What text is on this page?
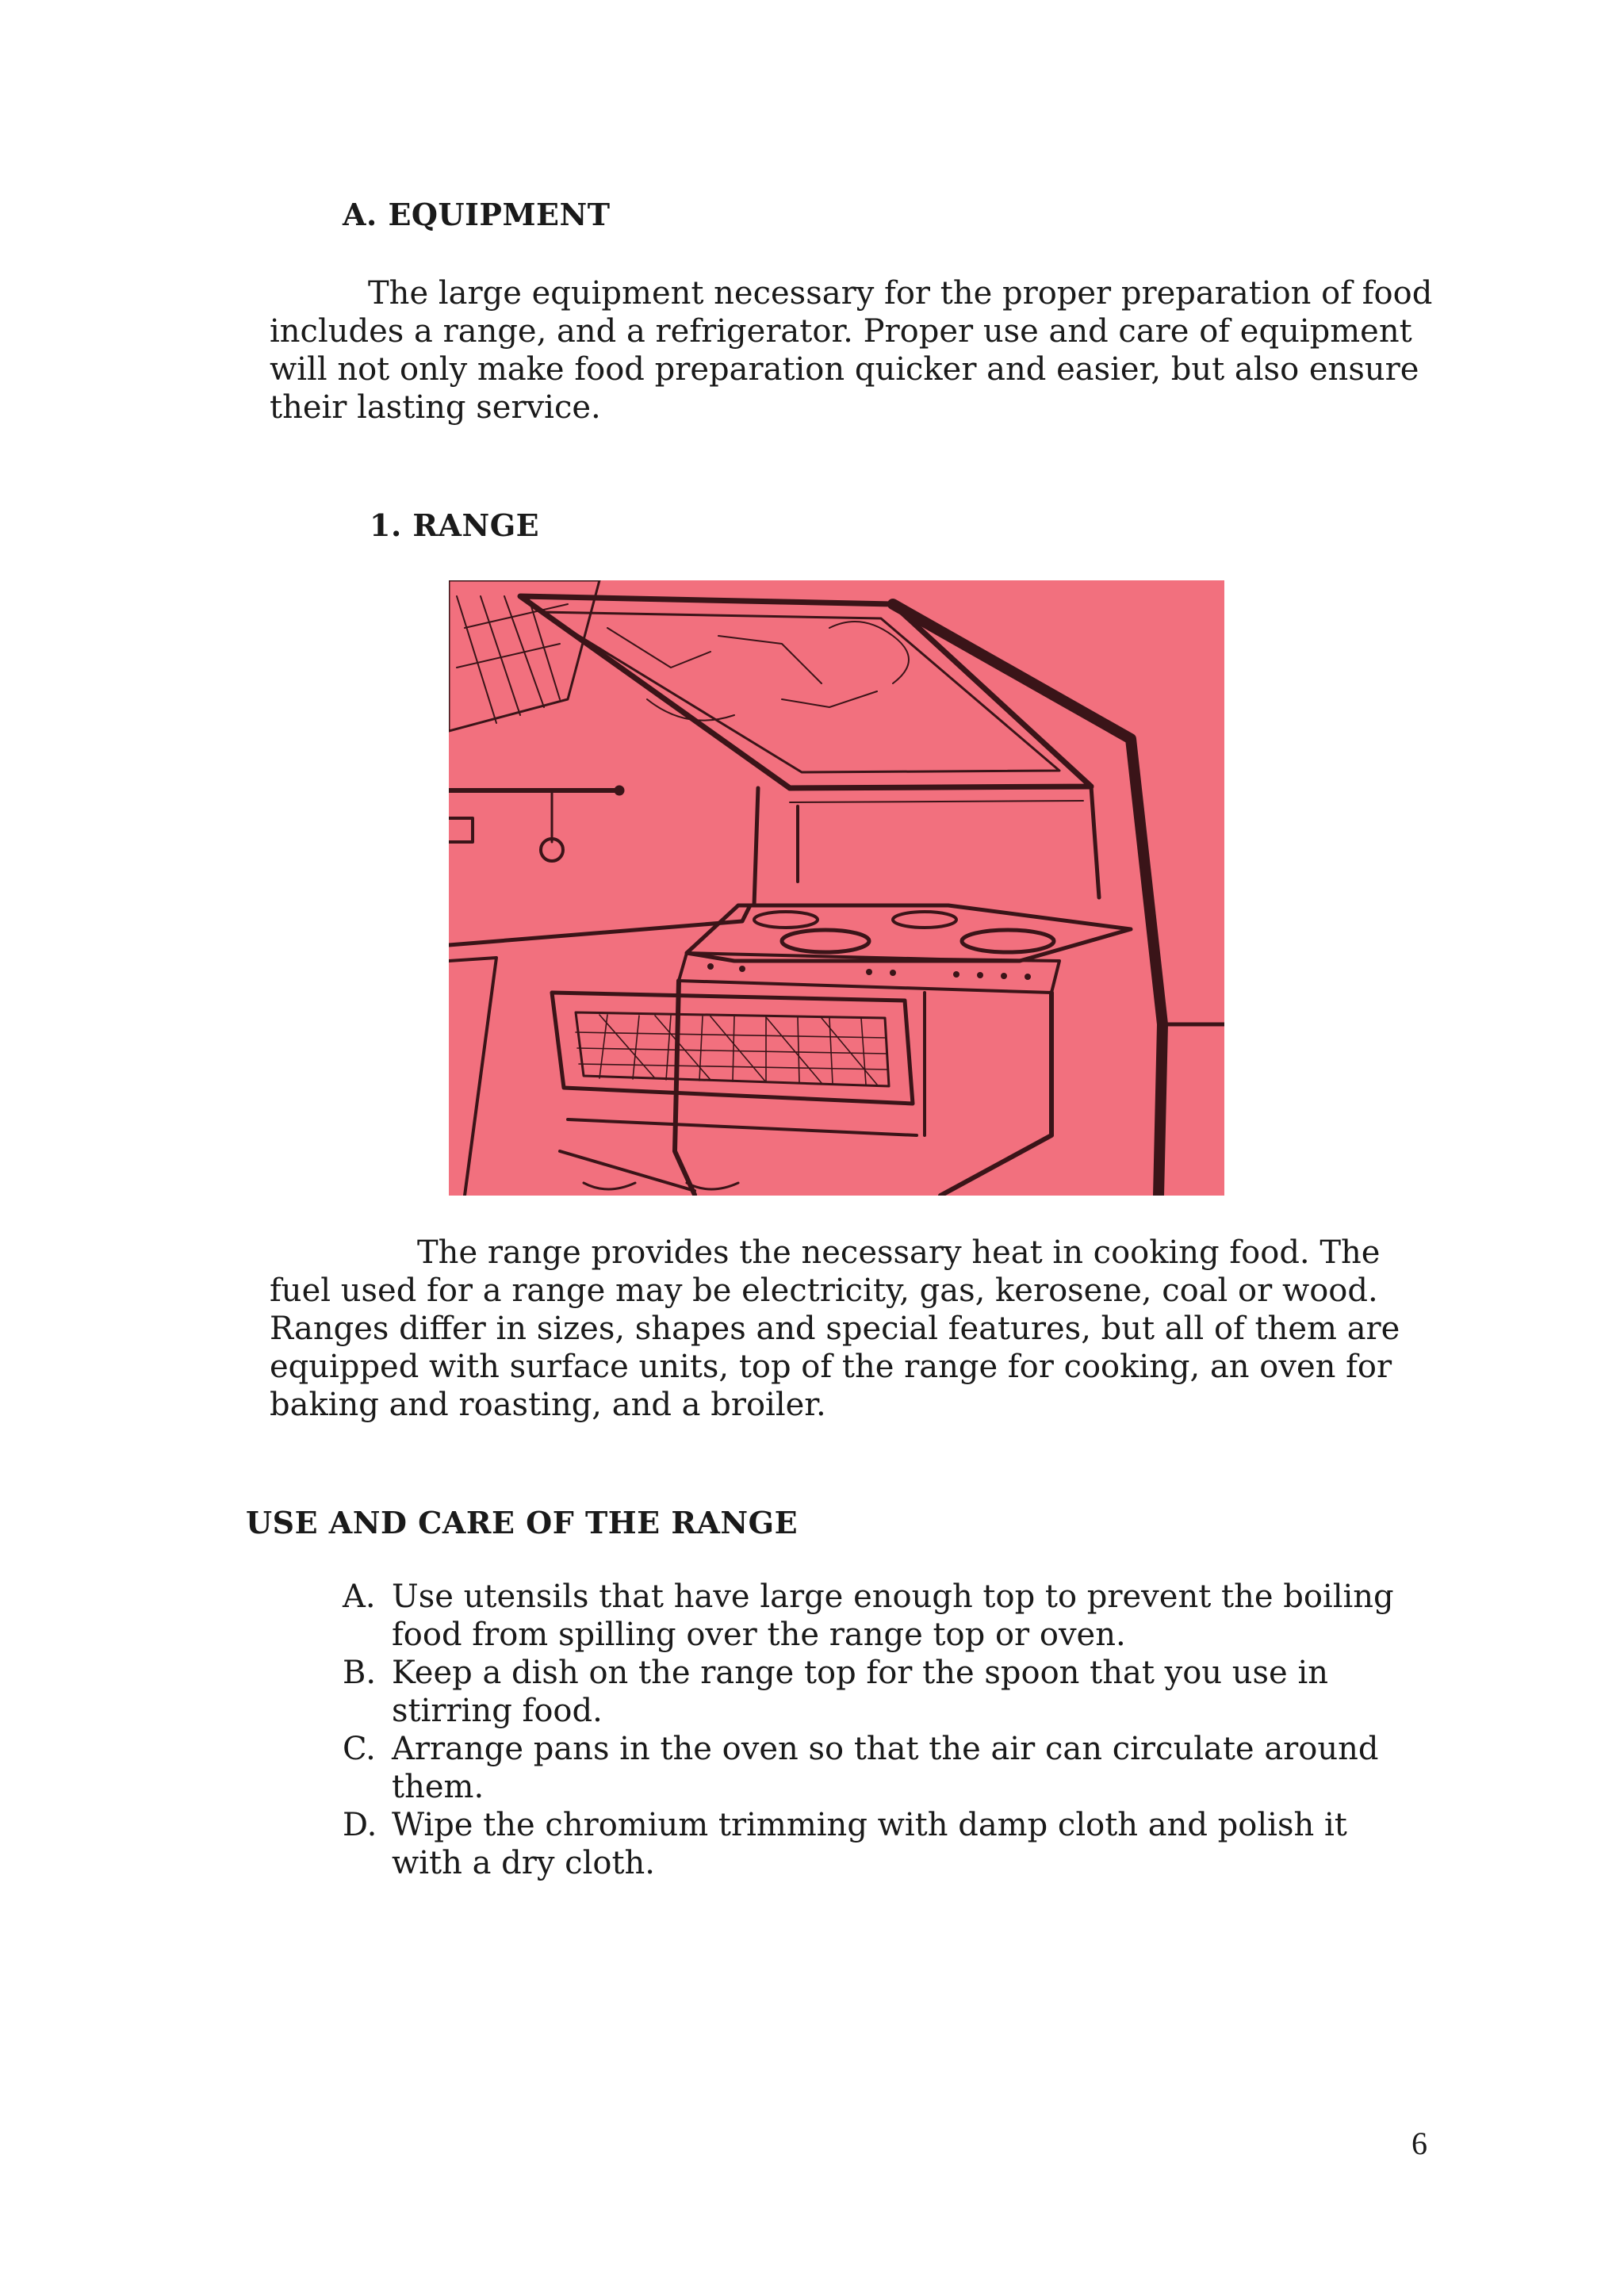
A. EQUIPMENT
The large equipment necessary for the proper preparation of food
includes a range, and a refrigerator. Proper use and care of equipment
will not only make food preparation quicker and easier, but also ensure
their lasting service.
1. RANGE
The range provides the necessary heat in cooking food. The
fuel used for a range may be electricity, gas, kerosene, coal or wood.
Ranges differ in sizes, shapes and special features, but all of them are
equipped with surface units, top of the range for cooking, an oven for
baking and roasting, and a broiler.
USE AND CARE OF THE RANGE
A. Use utensils that have large enough top to prevent the boiling
food from spilling over the range top or oven.
B. Keep a dish on the range top for the spoon that you use in
stirring food.
C. Arrange pans in the oven so that the air can circulate around
them.
D. Wipe the chromium trimming with damp cloth and polish it
with a dry cloth.
6
